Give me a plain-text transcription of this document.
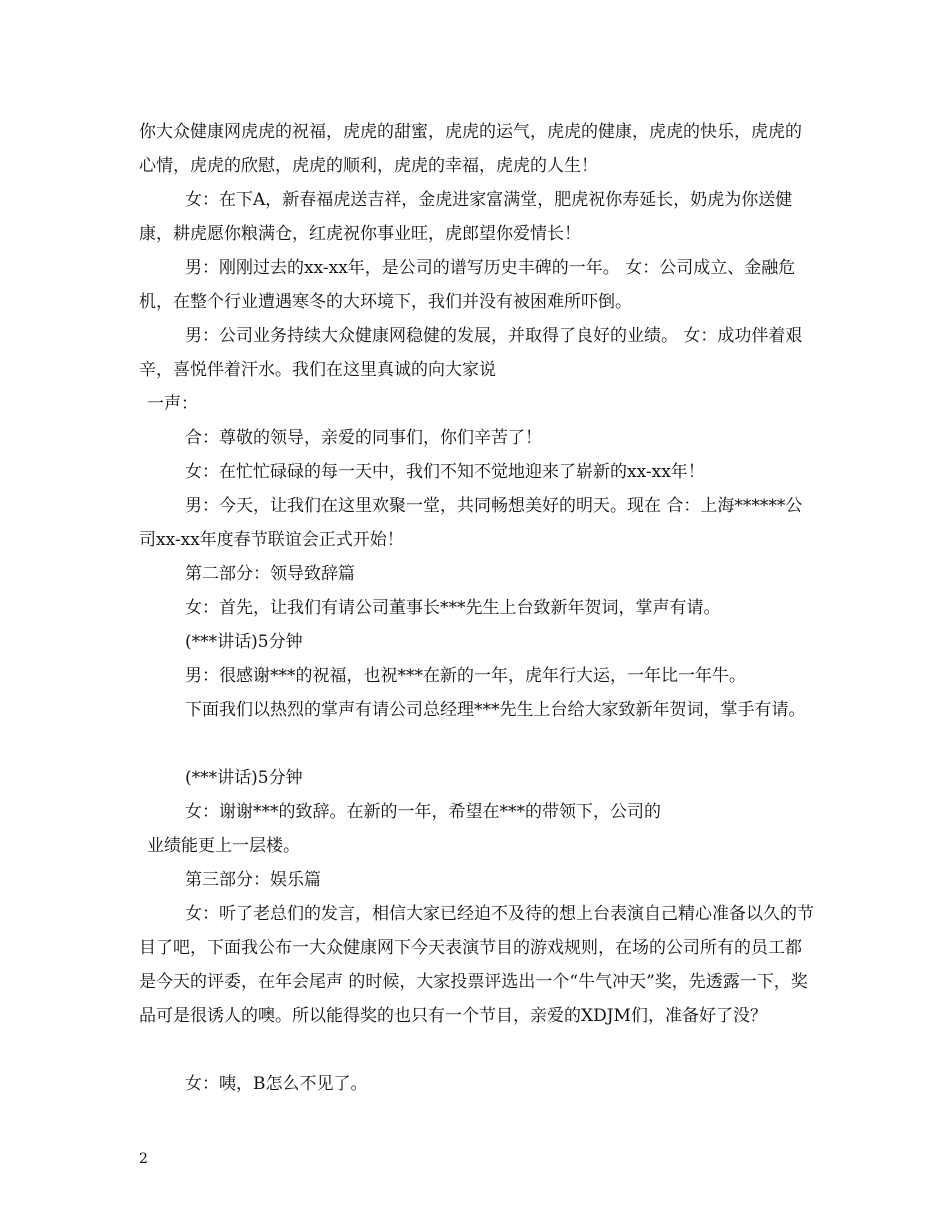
你大众健康网虎虎的祝福，虎虎的甜蜜，虎虎的运气，虎虎的健康，虎虎的快乐，虎虎的心情，虎虎的欣慰，虎虎的顺利，虎虎的幸福，虎虎的人生！
女：在下A，新春福虎送吉祥，金虎进家富满堂，肥虎祝你寿延长，奶虎为你送健康，耕虎愿你粮满仓，红虎祝你事业旺，虎郎望你爱情长！
男：刚刚过去的xx-xx年，是公司的谱写历史丰碑的一年。 女：公司成立、金融危机，在整个行业遭遇寒冬的大环境下，我们并没有被困难所吓倒。
男：公司业务持续大众健康网稳健的发展，并取得了良好的业绩。 女：成功伴着艰辛，喜悦伴着汗水。我们在这里真诚的向大家说
一声：
合：尊敬的领导，亲爱的同事们，你们辛苦了！
女：在忙忙碌碌的每一天中，我们不知不觉地迎来了崭新的xx-xx年！
男：今天，让我们在这里欢聚一堂，共同畅想美好的明天。现在 合：上海******公司xx-xx年度春节联谊会正式开始！
第二部分：领导致辞篇
女：首先，让我们有请公司董事长***先生上台致新年贺词，掌声有请。
(***讲话)5分钟
男：很感谢***的祝福，也祝***在新的一年，虎年行大运，一年比一年牛。
下面我们以热烈的掌声有请公司总经理***先生上台给大家致新年贺词，掌手有请。
(***讲话)5分钟
女：谢谢***的致辞。在新的一年，希望在***的带领下，公司的
业绩能更上一层楼。
第三部分：娱乐篇
女：听了老总们的发言，相信大家已经迫不及待的想上台表演自己精心准备以久的节目了吧，下面我公布一大众健康网下今天表演节目的游戏规则，在场的公司所有的员工都是今天的评委，在年会尾声 的时候，大家投票评选出一个“牛气冲天”奖，先透露一下，奖品可是很诱人的噢。所以能得奖的也只有一个节目，亲爱的XDJM们，准备好了没？
女：咦，B怎么不见了。
2
